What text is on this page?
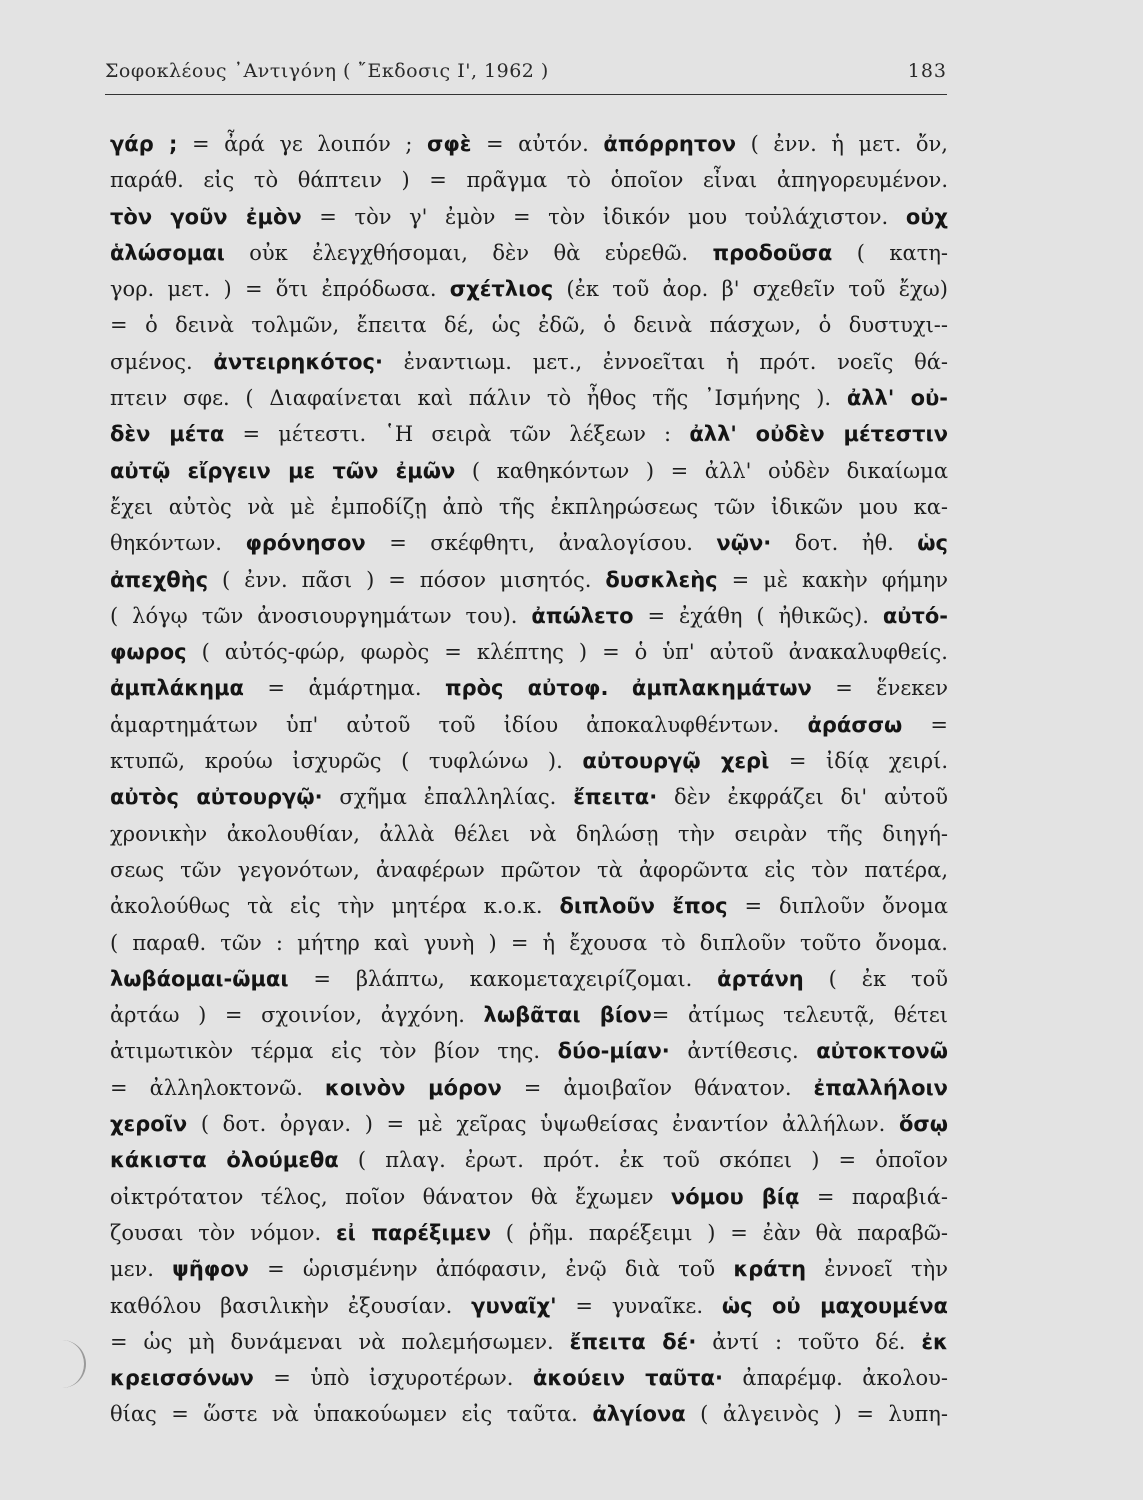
Σοφοκλέους ᾿Αντιγόνη ( ῎Εκδοσις Ι', 1962 )	183
γάρ ; = ἆρά γε λοιπόν ; σφὲ = αὐτόν. ἀπόρρητον ( ἐνν. ἡ μετ. ὄν,
παράθ. εἰς τὸ θάπτειν ) = πρᾶγμα τὸ ὁποῖον εἶναι ἀπηγορευμένον.
τὸν γοῦν ἐμὸν = τὸν γ' ἐμὸν = τὸν ἰδικόν μου τοὐλάχιστον. οὐχ
ἁλώσομαι οὐκ ἐλεγχθήσομαι, δὲν θὰ εὑρεθῶ. προδοῦσα ( κατη-
γορ. μετ. ) = ὅτι ἐπρόδωσα. σχέτλιος (ἐκ τοῦ ἀορ. β' σχεθεῖν τοῦ ἔχω)
= ὁ δεινὰ τολμῶν, ἔπειτα δέ, ὡς ἐδῶ, ὁ δεινὰ πάσχων, ὁ δυστυχι--
σμένος. ἀντειρηκότος· ἐναντιωμ. μετ., ἐννοεῖται ἡ πρότ. νοεῖς θά-
πτειν σφε. ( Διαφαίνεται καὶ πάλιν τὸ ἦθος τῆς ᾿Ισμήνης ). ἀλλ' οὐ-
δὲν μέτα = μέτεστι. ῾Η σειρὰ τῶν λέξεων : ἀλλ' οὐδὲν μέτεστιν
αὐτῷ εἴργειν με τῶν ἐμῶν ( καθηκόντων ) = ἀλλ' οὐδὲν δικαίωμα
ἔχει αὐτὸς νὰ μὲ ἐμποδίζῃ ἀπὸ τῆς ἐκπληρώσεως τῶν ἰδικῶν μου κα-
θηκόντων. φρόνησον = σκέφθητι, ἀναλογίσου. νῷν· δοτ. ἠθ. ὡς
ἀπεχθὴς ( ἐνν. πᾶσι ) = πόσον μισητός. δυσκλεὴς = μὲ κακὴν φήμην
( λόγῳ τῶν ἀνοσιουργημάτων του). ἀπώλετο = ἐχάθη ( ἠθικῶς). αὐτό-
φωρος ( αὐτός-φώρ, φωρὸς = κλέπτης ) = ὁ ὑπ' αὐτοῦ ἀνακαλυφθείς.
ἀμπλάκημα = ἁμάρτημα. πρὸς αὐτοφ. ἀμπλακημάτων = ἕνεκεν
ἁμαρτημάτων ὑπ' αὐτοῦ τοῦ ἰδίου ἀποκαλυφθέντων. ἀράσσω =
κτυπῶ, κρούω ἰσχυρῶς ( τυφλώνω ). αὐτουργῷ χερὶ = ἰδίᾳ χειρί.
αὐτὸς αὐτουργῷ· σχῆμα ἐπαλληλίας. ἔπειτα· δὲν ἐκφράζει δι' αὐτοῦ
χρονικὴν ἀκολουθίαν, ἀλλὰ θέλει νὰ δηλώσῃ τὴν σειρὰν τῆς διηγή-
σεως τῶν γεγονότων, ἀναφέρων πρῶτον τὰ ἀφορῶντα εἰς τὸν πατέρα,
ἀκολούθως τὰ εἰς τὴν μητέρα κ.ο.κ. διπλοῦν ἔπος = διπλοῦν ὄνομα
( παραθ. τῶν : μήτηρ καὶ γυνὴ ) = ἡ ἔχουσα τὸ διπλοῦν τοῦτο ὄνομα.
λωβάομαι-ῶμαι = βλάπτω, κακομεταχειρίζομαι. ἀρτάνη ( ἐκ τοῦ
ἀρτάω ) = σχοινίον, ἀγχόνη. λωβᾶται βίον= ἀτίμως τελευτᾷ, θέτει
ἀτιμωτικὸν τέρμα εἰς τὸν βίον της. δύο-μίαν· ἀντίθεσις. αὐτοκτονῶ
= ἀλληλοκτονῶ. κοινὸν μόρον = ἀμοιβαῖον θάνατον. ἐπαλλήλοιν
χεροῖν ( δοτ. ὀργαν. ) = μὲ χεῖρας ὑψωθείσας ἐναντίον ἀλλήλων. ὅσῳ
κάκιστα ὀλούμεθα ( πλαγ. ἐρωτ. πρότ. ἐκ τοῦ σκόπει ) = ὁποῖον
οἰκτρότατον τέλος, ποῖον θάνατον θὰ ἔχωμεν νόμου βίᾳ = παραβιά-
ζουσαι τὸν νόμον. εἰ παρέξιμεν ( ῥῆμ. παρέξειμι ) = ἐὰν θὰ παραβῶ-
μεν. ψῆφον = ὡρισμένην ἀπόφασιν, ἐνῷ διὰ τοῦ κράτη ἐννοεῖ τὴν
καθόλου βασιλικὴν ἐξουσίαν. γυναῖχ' = γυναῖκε. ὡς οὐ μαχουμένα
= ὡς μὴ δυνάμεναι νὰ πολεμήσωμεν. ἔπειτα δέ· ἀντί : τοῦτο δέ. ἐκ
κρεισσόνων = ὑπὸ ἰσχυροτέρων. ἀκούειν ταῦτα· ἀπαρέμφ. ἀκολου-
θίας = ὥστε νὰ ὑπακούωμεν εἰς ταῦτα. ἀλγίονα ( ἀλγεινὸς ) = λυπη-
